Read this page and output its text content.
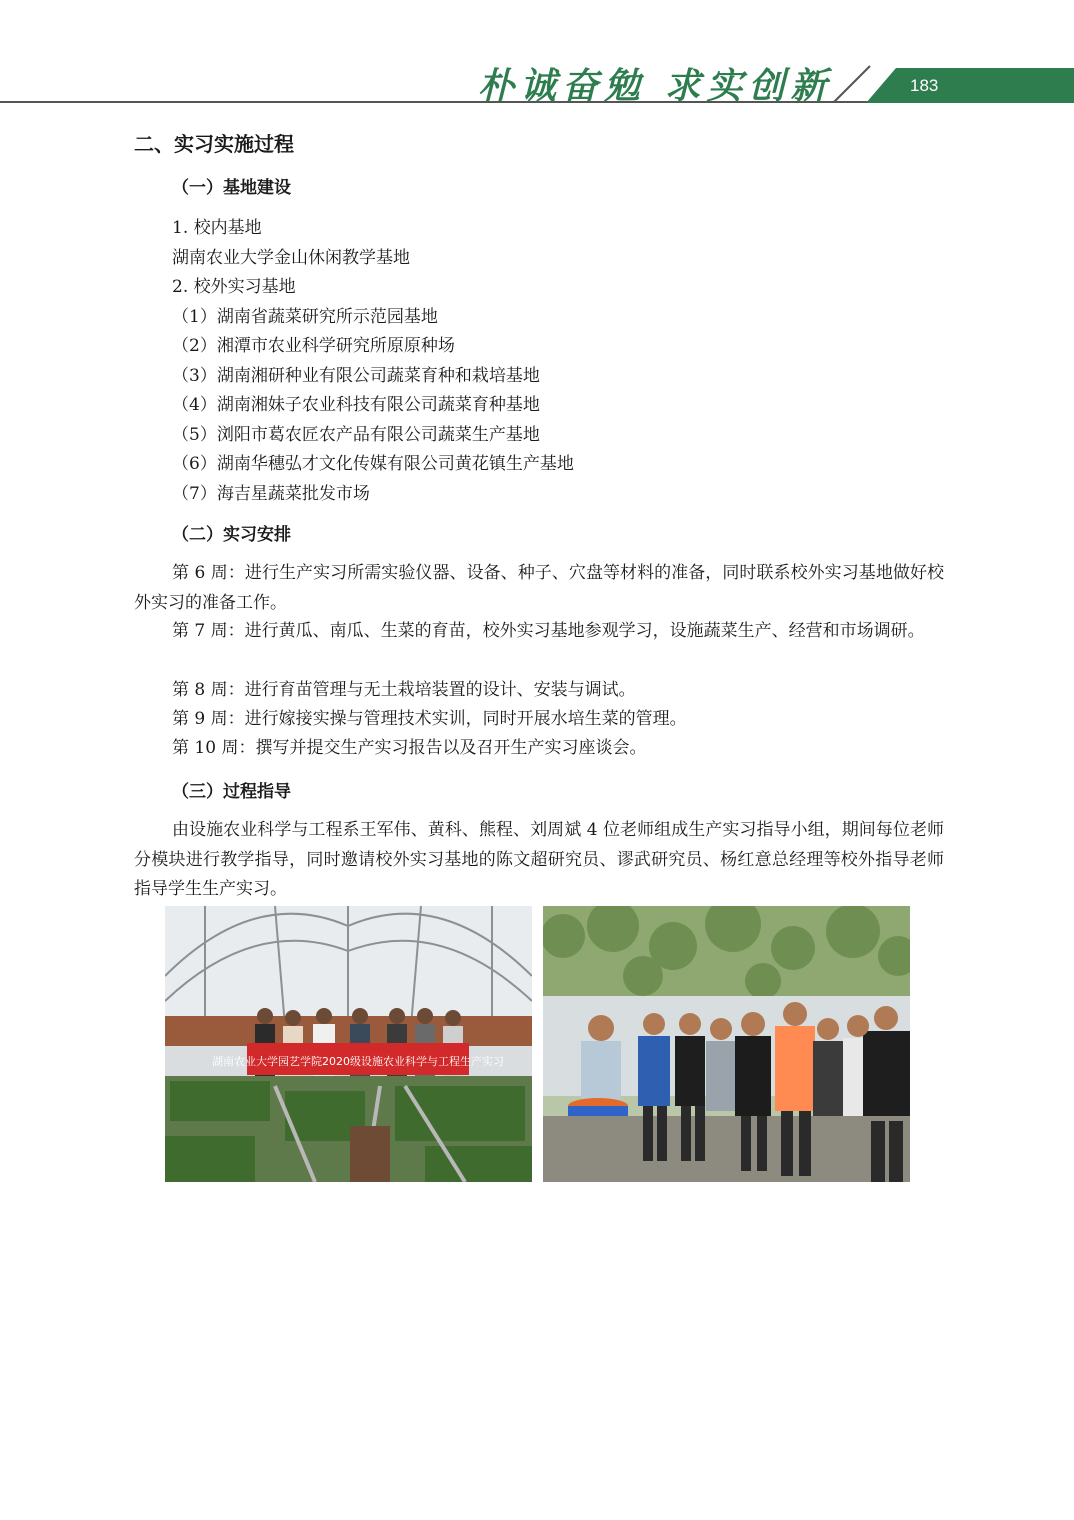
朴诚奋勉 求实创新	183
二、实习实施过程
（一）基地建设
1. 校内基地
湖南农业大学金山休闲教学基地
2. 校外实习基地
（1）湖南省蔬菜研究所示范园基地
（2）湘潭市农业科学研究所原原种场
（3）湖南湘研种业有限公司蔬菜育种和栽培基地
（4）湖南湘妹子农业科技有限公司蔬菜育种基地
（5）浏阳市葛农匠农产品有限公司蔬菜生产基地
（6）湖南华穗弘才文化传媒有限公司黄花镇生产基地
（7）海吉星蔬菜批发市场
（二）实习安排
第 6 周：进行生产实习所需实验仪器、设备、种子、穴盘等材料的准备，同时联系校外实习基地做好校外实习的准备工作。
第 7 周：进行黄瓜、南瓜、生菜的育苗，校外实习基地参观学习，设施蔬菜生产、经营和市场调研。
第 8 周：进行育苗管理与无土栽培装置的设计、安装与调试。
第 9 周：进行嫁接实操与管理技术实训，同时开展水培生菜的管理。
第 10 周：撰写并提交生产实习报告以及召开生产实习座谈会。
（三）过程指导
由设施农业科学与工程系王军伟、黄科、熊程、刘周斌 4 位老师组成生产实习指导小组，期间每位老师分模块进行教学指导，同时邀请校外实习基地的陈文超研究员、谬武研究员、杨红意总经理等校外指导老师指导学生生产实习。
湖南农业大学园艺学院2020级设施农业科学与工程生产实习
